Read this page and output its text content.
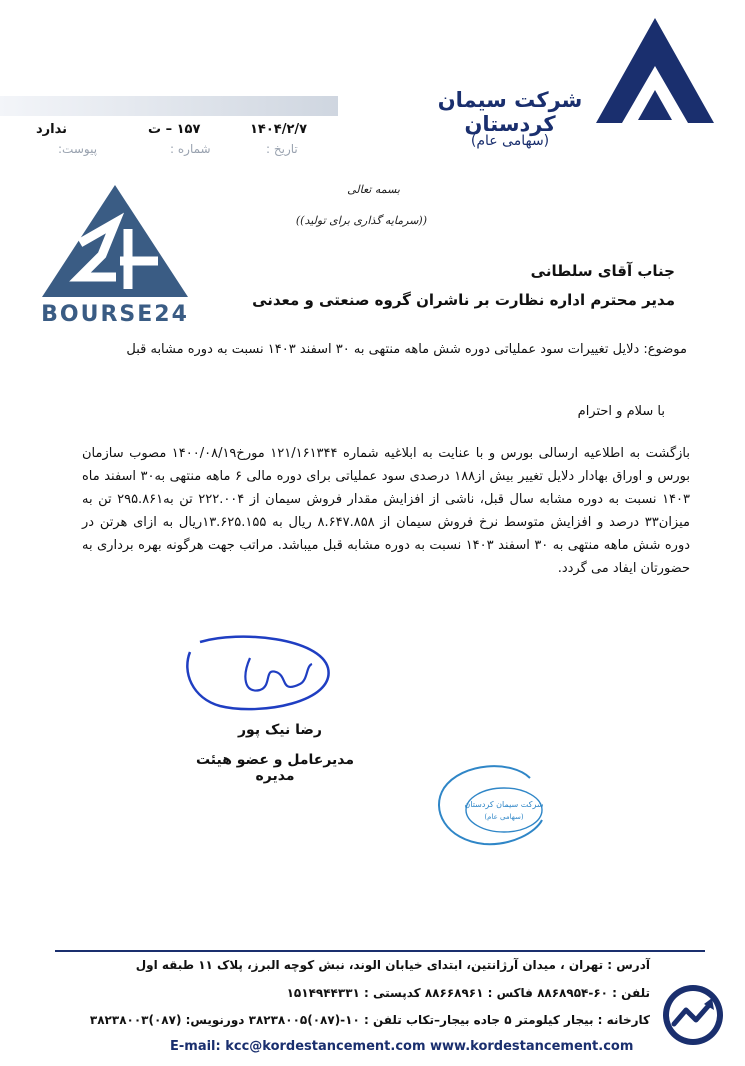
شرکت سیمان کردستان
(سهامی عام)
۱۴۰۴/۲/۷
۱۵۷ – ت
ندارد
تاریخ :
شماره :
پیوست:
بسمه تعالی
((سرمایه گذاری برای تولید))
BOURSE24
جناب آقای سلطانی
مدیر محترم اداره نظارت بر ناشران گروه صنعتی و معدنی
موضوع: دلایل تغییرات سود عملیاتی دوره شش ماهه منتهی به ۳۰ اسفند ۱۴۰۳ نسبت به دوره مشابه قبل
با سلام و احترام
بازگشت به اطلاعیه ارسالی بورس و با عنایت به ابلاغیه شماره ۱۲۱/۱۶۱۳۴۴ مورخ۱۴۰۰/۰۸/۱۹ مصوب سازمان بورس و اوراق بهادار دلایل تغییر بیش از۱۸۸ درصدی سود عملیاتی برای دوره مالی ۶ ماهه منتهی به۳۰ اسفند ماه ۱۴۰۳ نسبت به دوره مشابه سال قبل، ناشی از افزایش مقدار فروش سیمان از ۲۲۲.۰۰۴ تن به۲۹۵.۸۶۱ تن به میزان۳۳ درصد و افزایش متوسط نرخ فروش سیمان از ۸.۶۴۷.۸۵۸ ریال به ۱۳.۶۲۵.۱۵۵ریال به ازای هرتن در دوره شش ماهه منتهی به ۳۰ اسفند ۱۴۰۳ نسبت به دوره مشابه قبل میباشد. مراتب جهت هرگونه بهره برداری به حضورتان ایفاد می گردد.
رضا نیک پور
مدیرعامل و عضو هیئت مدیره
شرکت سیمان کردستان
(سهامی عام)
آدرس : تهران ، میدان آرژانتین، ابتدای خیابان الوند، نبش کوچه البرز، پلاک ۱۱ طبقه اول
تلفن : ۶۰-۸۸۶۸۹۵۴ فاکس : ۸۸۶۶۸۹۶۱ کدپستی : ۱۵۱۴۹۴۴۳۳۱
کارخانه : بیجار کیلومتر ۵ جاده بیجار–تکاب تلفن : ۱۰-(۰۸۷)۳۸۲۳۸۰۰۵ دورنویس: (۰۸۷)۳۸۲۳۸۰۰۳
E-mail: kcc@kordestancement.com www.kordestancement.com
